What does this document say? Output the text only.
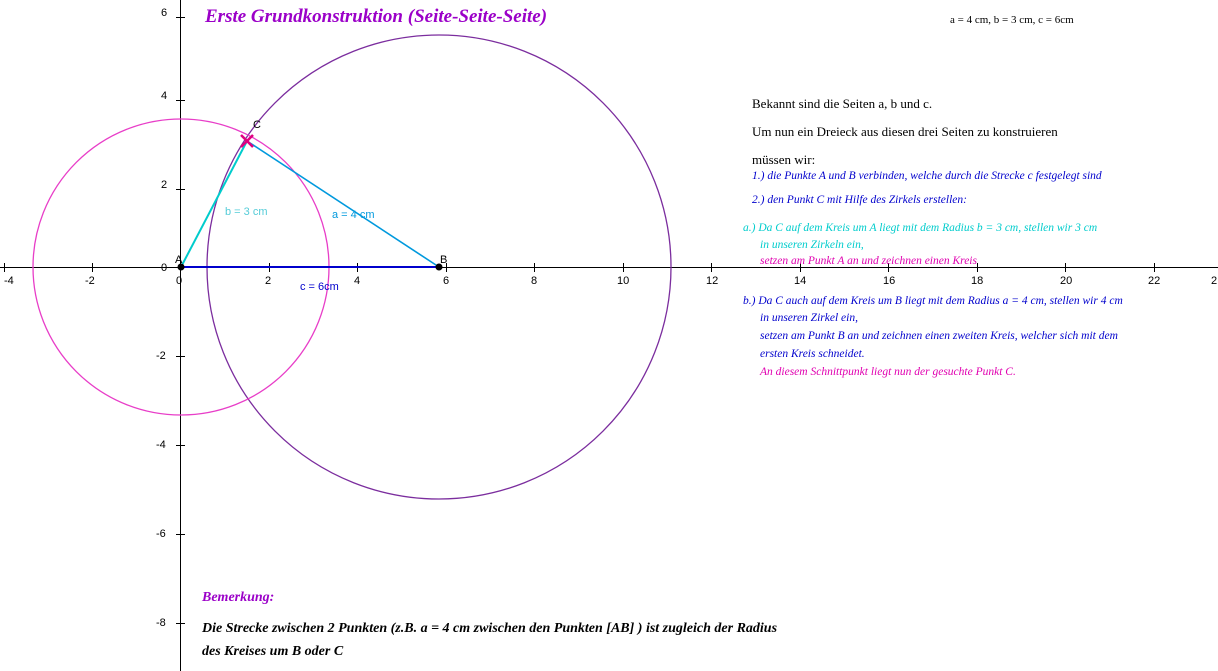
-4	-2	0	2	4	6	8	10	12	14	16	18	20	22	2
6
4
2
0
-2
-4
-6
-8
A	B
C
b = 3 cm	a = 4 cm
c = 6cm
Erste Grundkonstruktion (Seite-Seite-Seite)	a = 4 cm, b = 3 cm, c = 6cm
Bekannt sind die Seiten a, b und c.
Um nun ein Dreieck aus diesen drei Seiten zu konstruieren
müssen wir:
1.) die Punkte A und B verbinden, welche durch die Strecke c festgelegt sind
2.) den Punkt C mit Hilfe des Zirkels erstellen:
a.) Da C auf dem Kreis um A liegt mit dem Radius b = 3 cm, stellen wir 3 cm
in unseren Zirkeln ein,
setzen am Punkt A an und zeichnen einen Kreis
b.) Da C auch auf dem Kreis um B liegt mit dem Radius a = 4 cm, stellen wir 4 cm
in unseren Zirkel ein,
setzen am Punkt B an und zeichnen einen zweiten Kreis, welcher sich mit dem
ersten Kreis schneidet.
An diesem Schnittpunkt liegt nun der gesuchte Punkt C.
Bemerkung:
Die Strecke zwischen 2 Punkten (z.B. a = 4 cm zwischen den Punkten [AB] ) ist zugleich der Radius
des Kreises um B oder C
